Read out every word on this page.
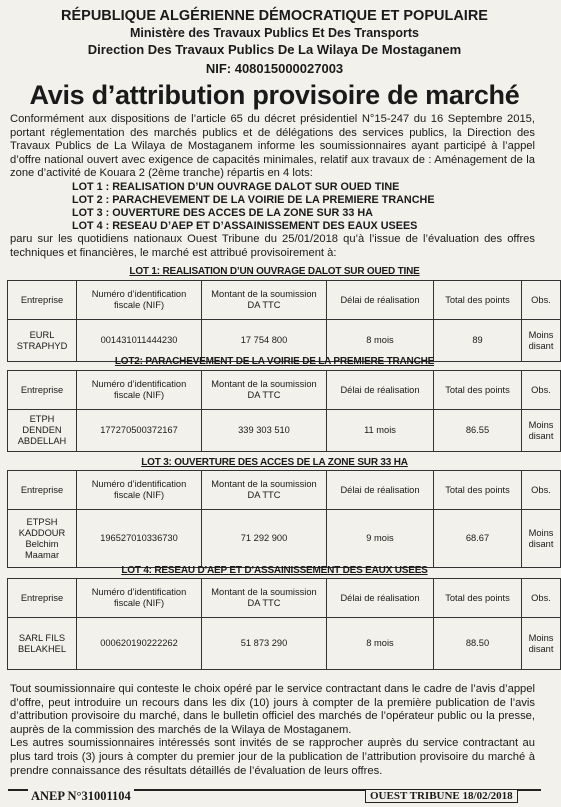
RÉPUBLIQUE ALGÉRIENNE DÉMOCRATIQUE ET POPULAIRE
Ministère des Travaux Publics Et Des Transports
Direction Des Travaux Publics De La Wilaya De Mostaganem
NIF: 408015000027003
Avis d’attribution provisoire de marché
Conformément aux dispositions de l’article 65 du décret présidentiel N°15-247 du 16 Septembre 2015, portant réglementation des marchés publics et de délégations des services publics, la Direction des Travaux Publics de La Wilaya de Mostaganem informe les soumissionnaires ayant participé à l’appel d’offre national ouvert avec exigence de capacités minimales, relatif aux travaux de : Aménagement de la zone d’activité de Kouara 2 (2ème tranche) répartis en 4 lots:
LOT 1 : REALISATION D’UN OUVRAGE DALOT SUR OUED TINE
LOT 2 : PARACHEVEMENT DE LA VOIRIE DE LA PREMIERE TRANCHE
LOT 3 : OUVERTURE DES ACCES DE LA ZONE SUR 33 HA
LOT 4 : RESEAU D’AEP ET D’ASSAINISSEMENT DES EAUX USEES
paru sur les quotidiens nationaux Ouest Tribune du 25/01/2018 qu’à l’issue de l’évaluation des offres techniques et financières, le marché est attribué provisoirement à:
LOT 1: REALISATION D’UN OUVRAGE DALOT SUR OUED TINE
Entreprise	Numéro d’identification fiscale (NIF)	Montant de la soumission DA TTC	Délai de réalisation	Total des points	Obs.
EURL STRAPHYD	001431011444230	17 754 800	8 mois	89	Moins disant
LOT2: PARACHEVEMENT DE LA VOIRIE DE LA PREMIERE TRANCHE
Entreprise	Numéro d’identification fiscale (NIF)	Montant de la soumission DA TTC	Délai de réalisation	Total des points	Obs.
ETPH DENDEN ABDELLAH	177270500372167	339 303 510	11 mois	86.55	Moins disant
LOT 3: OUVERTURE DES ACCES DE LA ZONE SUR 33 HA
Entreprise	Numéro d’identification fiscale (NIF)	Montant de la soumission DA TTC	Délai de réalisation	Total des points	Obs.
ETPSH KADDOUR Belchim Maamar	196527010336730	71 292 900	9 mois	68.67	Moins disant
LOT 4: RESEAU D’AEP ET D’ASSAINISSEMENT DES EAUX USEES
Entreprise	Numéro d’identification fiscale (NIF)	Montant de la soumission DA TTC	Délai de réalisation	Total des points	Obs.
SARL FILS BELAKHEL	000620190222262	51 873 290	8 mois	88.50	Moins disant
Tout soumissionnaire qui conteste le choix opéré par le service contractant dans le cadre de l’avis d’appel d’offre, peut introduire un recours dans les dix (10) jours à compter de la première publication de l’avis d’attribution provisoire du marché, dans le bulletin officiel des marchés de l’opérateur public ou la presse, auprès de la commission des marchés de la Wilaya de Mostaganem.
Les autres soumissionnaires intéressés sont invités de se rapprocher auprès du service contractant au plus tard trois (3) jours à compter du premier jour de la publication de l’attribution provisoire du marché à prendre connaissance des résultats détaillés de l’évaluation de leurs offres.
ANEP N°31001104	OUEST TRIBUNE 18/02/2018
